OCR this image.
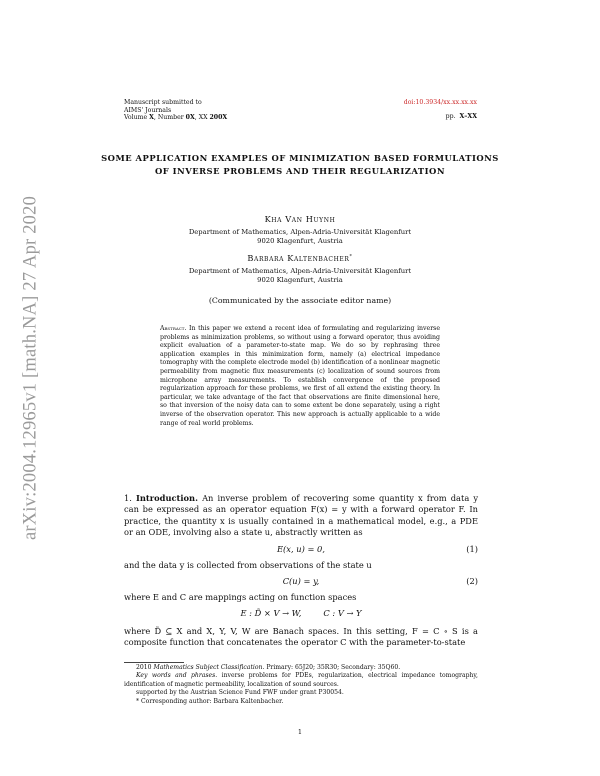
arXiv:2004.12965v1 [math.NA] 27 Apr 2020
Manuscript submitted to
AIMS' Journals
Volume X, Number 0X, XX 200X
doi:10.3934/xx.xx.xx.xx
pp. X–XX
SOME APPLICATION EXAMPLES OF MINIMIZATION BASED FORMULATIONS OF INVERSE PROBLEMS AND THEIR REGULARIZATION
Kha Van Huynh
Department of Mathematics, Alpen-Adria-Universität Klagenfurt
9020 Klagenfurt, Austria
Barbara Kaltenbacher*
Department of Mathematics, Alpen-Adria-Universität Klagenfurt
9020 Klagenfurt, Austria
(Communicated by the associate editor name)
Abstract. In this paper we extend a recent idea of formulating and regularizing inverse problems as minimization problems, so without using a forward operator, thus avoiding explicit evaluation of a parameter-to-state map. We do so by rephrasing three application examples in this minimization form, namely (a) electrical impedance tomography with the complete electrode model (b) identification of a nonlinear magnetic permeability from magnetic flux measurements (c) localization of sound sources from microphone array measurements. To establish convergence of the proposed regularization approach for these problems, we first of all extend the existing theory. In particular, we take advantage of the fact that observations are finite dimensional here, so that inversion of the noisy data can to some extent be done separately, using a right inverse of the observation operator. This new approach is actually applicable to a wide range of real world problems.
1. Introduction. An inverse problem of recovering some quantity x from data y can be expressed as an operator equation F(x) = y with a forward operator F. In practice, the quantity x is usually contained in a mathematical model, e.g., a PDE or an ODE, involving also a state u, abstractly written as
E(x, u) = 0,	(1)
and the data y is collected from observations of the state u
C(u) = y,	(2)
where E and C are mappings acting on function spaces
E : D̃ × V → W,	C : V → Y
where D̃ ⊆ X and X, Y, V, W are Banach spaces. In this setting, F = C ∘ S is a composite function that concatenates the operator C with the parameter-to-state
2010 Mathematics Subject Classification. Primary: 65J20; 35R30; Secondary: 35Q60.
Key words and phrases. inverse problems for PDEs, regularization, electrical impedance tomography, identification of magnetic permeability, localization of sound sources.
supported by the Austrian Science Fund FWF under grant P30054.
* Corresponding author: Barbara Kaltenbacher.
1
